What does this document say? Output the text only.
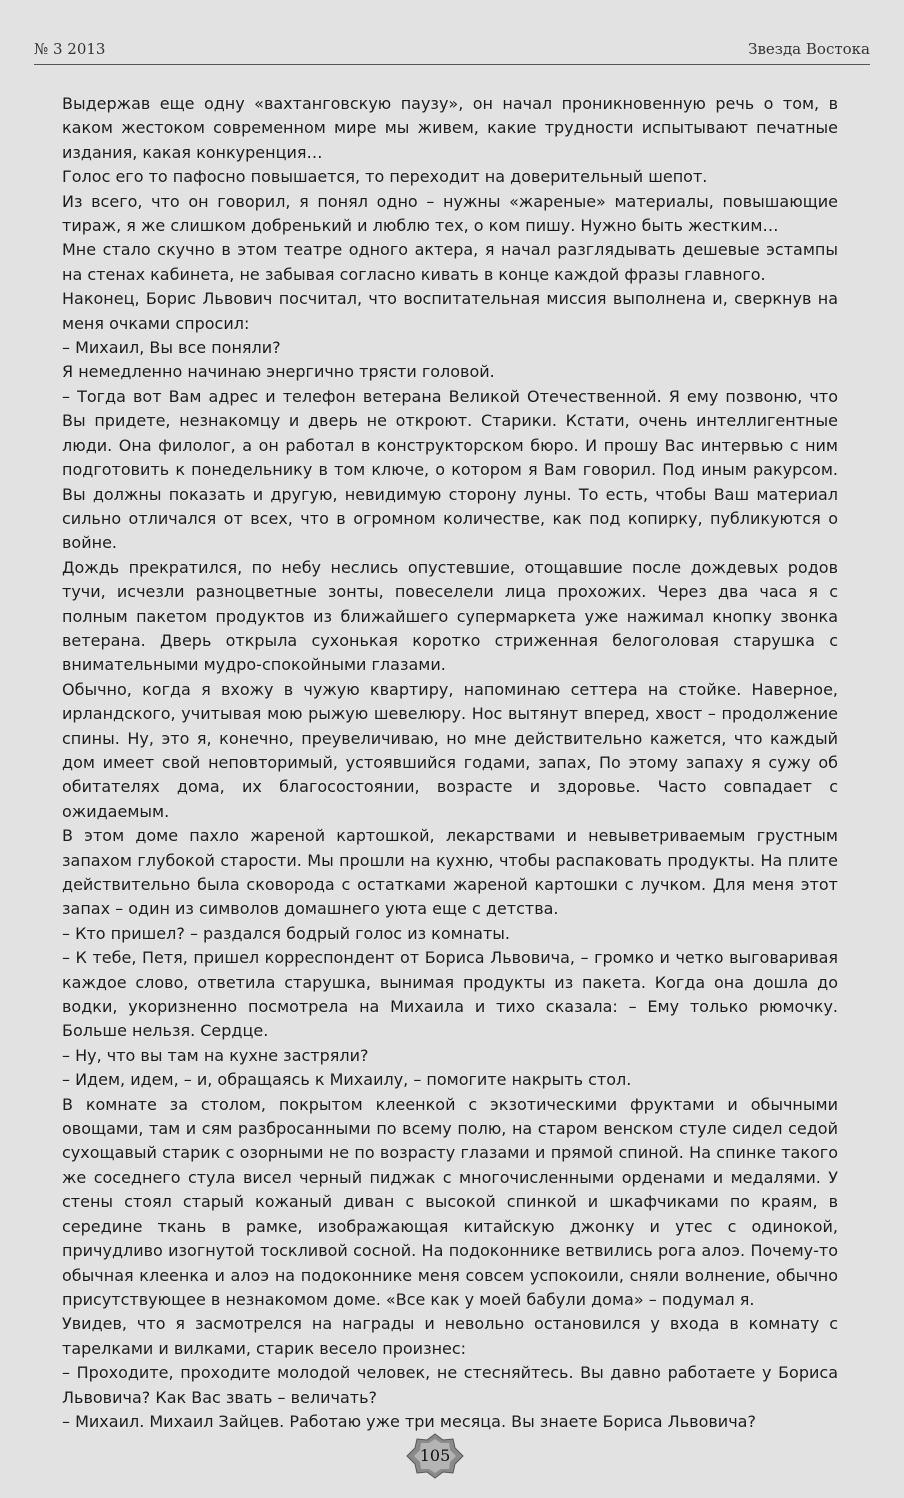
№ 3 2013	Звезда Востока

Выдержав еще одну «вахтанговскую паузу», он начал проникновенную речь о том, в каком жестоком современном мире мы живем, какие трудности испытывают печатные издания, какая конкуренция…

Голос его то пафосно повышается, то переходит на доверительный шепот.

Из всего, что он говорил, я понял одно – нужны «жареные» материалы, повышающие тираж, я же слишком добренький и люблю тех, о ком пишу. Нужно быть жестким…

Мне стало скучно в этом театре одного актера, я начал разглядывать дешевые эстампы на стенах кабинета, не забывая согласно кивать в конце каждой фразы главного.

Наконец, Борис Львович посчитал, что воспитательная миссия выполнена и, сверкнув на меня очками спросил:

– Михаил, Вы все поняли?

Я немедленно начинаю энергично трясти головой.

– Тогда вот Вам адрес и телефон ветерана Великой Отечественной. Я ему позвоню, что Вы придете, незнакомцу и дверь не откроют. Старики. Кстати, очень интеллигентные люди. Она филолог, а он работал в конструкторском бюро. И прошу Вас интервью с ним подготовить к понедельнику в том ключе, о котором я Вам говорил. Под иным ракурсом. Вы должны показать и другую, невидимую сторону луны. То есть, чтобы Ваш материал сильно отличался от всех, что в огромном количестве, как под копирку, публикуются о войне.

Дождь прекратился, по небу неслись опустевшие, отощавшие после дождевых родов тучи, исчезли разноцветные зонты, повеселели лица прохожих. Через два часа я с полным пакетом продуктов из ближайшего супермаркета уже нажимал кнопку звонка ветерана. Дверь открыла сухонькая коротко стриженная белоголовая старушка с внимательными мудро-спокойными глазами.

Обычно, когда я вхожу в чужую квартиру, напоминаю сеттера на стойке. Наверное, ирландского, учитывая мою рыжую шевелюру. Нос вытянут вперед, хвост – продолжение спины. Ну, это я, конечно, преувеличиваю, но мне действительно кажется, что каждый дом имеет свой неповторимый, устоявшийся годами, запах, По этому запаху я сужу об обитателях дома, их благосостоянии, возрасте и здоровье. Часто совпадает с ожидаемым.

В этом доме пахло жареной картошкой, лекарствами и невыветриваемым грустным запахом глубокой старости. Мы прошли на кухню, чтобы распаковать продукты. На плите действительно была сковорода с остатками жареной картошки с лучком. Для меня этот запах – один из символов домашнего уюта еще с детства.

– Кто пришел? – раздался бодрый голос из комнаты.

– К тебе, Петя, пришел корреспондент от Бориса Львовича, – громко и четко выговаривая каждое слово, ответила старушка, вынимая продукты из пакета. Когда она дошла до водки, укоризненно посмотрела на Михаила и тихо сказала: – Ему только рюмочку. Больше нельзя. Сердце.

– Ну, что вы там на кухне застряли?

– Идем, идем, – и, обращаясь к Михаилу, – помогите накрыть стол.

В комнате за столом, покрытом клеенкой с экзотическими фруктами и обычными овощами, там и сям разбросанными по всему полю, на старом венском стуле сидел седой сухощавый старик с озорными не по возрасту глазами и прямой спиной. На спинке такого же соседнего стула висел черный пиджак с многочисленными орденами и медалями. У стены стоял старый кожаный диван с высокой спинкой и шкафчиками по краям, в середине ткань в рамке, изображающая китайскую джонку и утес с одинокой, причудливо изогнутой тоскливой сосной. На подоконнике ветвились рога алоэ. Почему-то обычная клеенка и алоэ на подоконнике меня совсем успокоили, сняли волнение, обычно присутствующее в незнакомом доме. «Все как у моей бабули дома» – подумал я.

Увидев, что я засмотрелся на награды и невольно остановился у входа в комнату с тарелками и вилками, старик весело произнес:

– Проходите, проходите молодой человек, не стесняйтесь. Вы давно работаете у Бориса Львовича? Как Вас звать – величать?

– Михаил. Михаил Зайцев. Работаю уже три месяца. Вы знаете Бориса Львовича?

105
